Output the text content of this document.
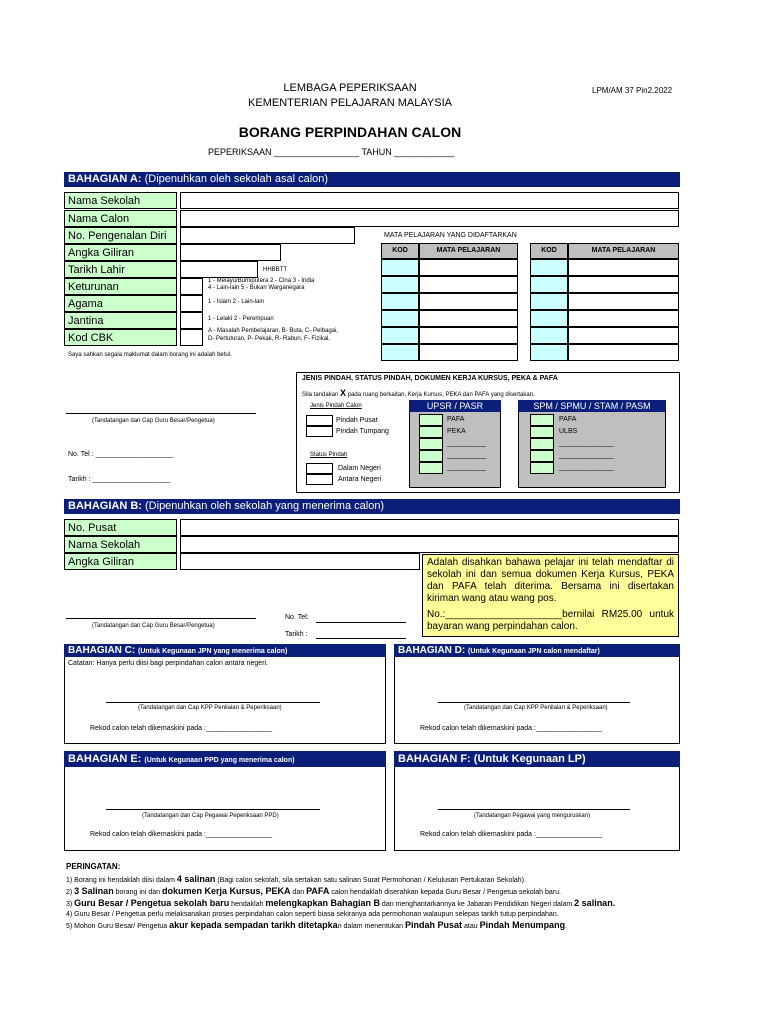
LEMBAGA PEPERIKSAAN
KEMENTERIAN PELAJARAN MALAYSIA
LPM/AM 37 Pin2.2022
BORANG PERPINDAHAN CALON
PEPERIKSAAN _________________ TAHUN ____________
BAHAGIAN A: (Dipenuhkan oleh sekolah asal calon)
Nama Sekolah
Nama Calon
No. Pengenalan Diri
Angka Giliran
Tarikh Lahir
Keturunan
Agama
Jantina
Kod CBK
HHBBTT
1 - Melayu/Bumiputera 2 - Cina 3 - India
4 - Lain-lain 5 - Bukan Warganegara
1 - Islam 2 - Lain-lain
1 - Lelaki 2 - Perempuan
A - Masalah Pembelajaran, B- Buta, C- Pelbagai,
D- Pertuturan, P- Pekak, R- Rabun, F- Fizikal.
MATA PELAJARAN YANG DIDAFTARKAN
KOD	MATA PELAJARAN	KOD	MATA PELAJARAN
Saya sahkan segala maklumat dalam borang ini adalah betul.
(Tandatangan dan Cap Guru Besar/Pengetua)
No. Tel : ____________________
Tarikh : ____________________
JENIS PINDAH, STATUS PINDAH, DOKUMEN KERJA KURSUS, PEKA & PAFA
Sila tandakan X pada ruang berkaitan, Kerja Kursus, PEKA dan PAFA yang disertakan.
Jenis Pindah Calon
Pindah Pusat
Pindah Tumpang
Status Pindah
Dalam Negeri
Antara Negeri
UPSR / PASR
PAFA
PEKA
__________
__________
__________
SPM / SPMU / STAM / PASM
PAFA
ULBS
______________
______________
______________
BAHAGIAN B: (Dipenuhkan oleh sekolah yang menerima calon)
No. Pusat
Nama Sekolah
Angka Giliran	Adalah disahkan bahawa pelajar ini telah mendaftar di sekolah ini dan semua dokumen Kerja Kursus, PEKA dan PAFA telah diterima. Bersama ini disertakan kiriman wang atau wang pos.
No.:_____________________bernilai RM25.00 untuk bayaran wang perpindahan calon.
(Tandatangan dan Cap Guru Besar/Pengetua)
No. Tel:
Tarikh :
BAHAGIAN C: (Untuk Kegunaan JPN yang menerima calon)
Catatan: Hanya perlu diisi bagi perpindahan calon antara negeri.
(Tandatangan dan Cap KPP Penilaian & Peperiksaan)
Rekod calon telah dikemaskini pada :_________________
BAHAGIAN D: (Untuk Kegunaan JPN calon mendaftar)
(Tandatangan dan Cap KPP Penilaian & Peperiksaan)
Rekod calon telah dikemaskini pada :_________________
BAHAGIAN E: (Untuk Kegunaan PPD yang menerima calon)
(Tandatangan dan Cap Pegawai Peperiksaan PPD)
Rekod calon telah dikemaskini pada :_________________
BAHAGIAN F: (Untuk Kegunaan LP)
(Tandatangan Pegawai yang menguruskan)
Rekod calon telah dikemaskini pada :_________________
PERINGATAN:
1) Borang ini hendaklah diisi dalam 4 salinan (Bagi calon sekolah, sila sertakan satu salinan Surat Permohonan / Kelulusan Pertukaran Sekolah).
2) 3 Salinan borang ini dan dokumen Kerja Kursus, PEKA dan PAFA calon hendaklah diserahkan kepada Guru Besar / Pengetua sekolah baru.
3) Guru Besar / Pengetua sekolah baru hendaklah melengkapkan Bahagian B dan menghantarkannya ke Jabaran Pendidikan Negeri dalam 2 salinan.
4) Guru Besar / Pengetua perlu melaksanakan proses perpindahan calon seperti biasa sekiranya ada permohonan walaupun selepas tarikh tutup perpindahan.
5) Mohon Guru Besar/ Pengetua akur kepada sempadan tarikh ditetapkan dalam menentukan Pindah Pusat atau Pindah Menumpang.
